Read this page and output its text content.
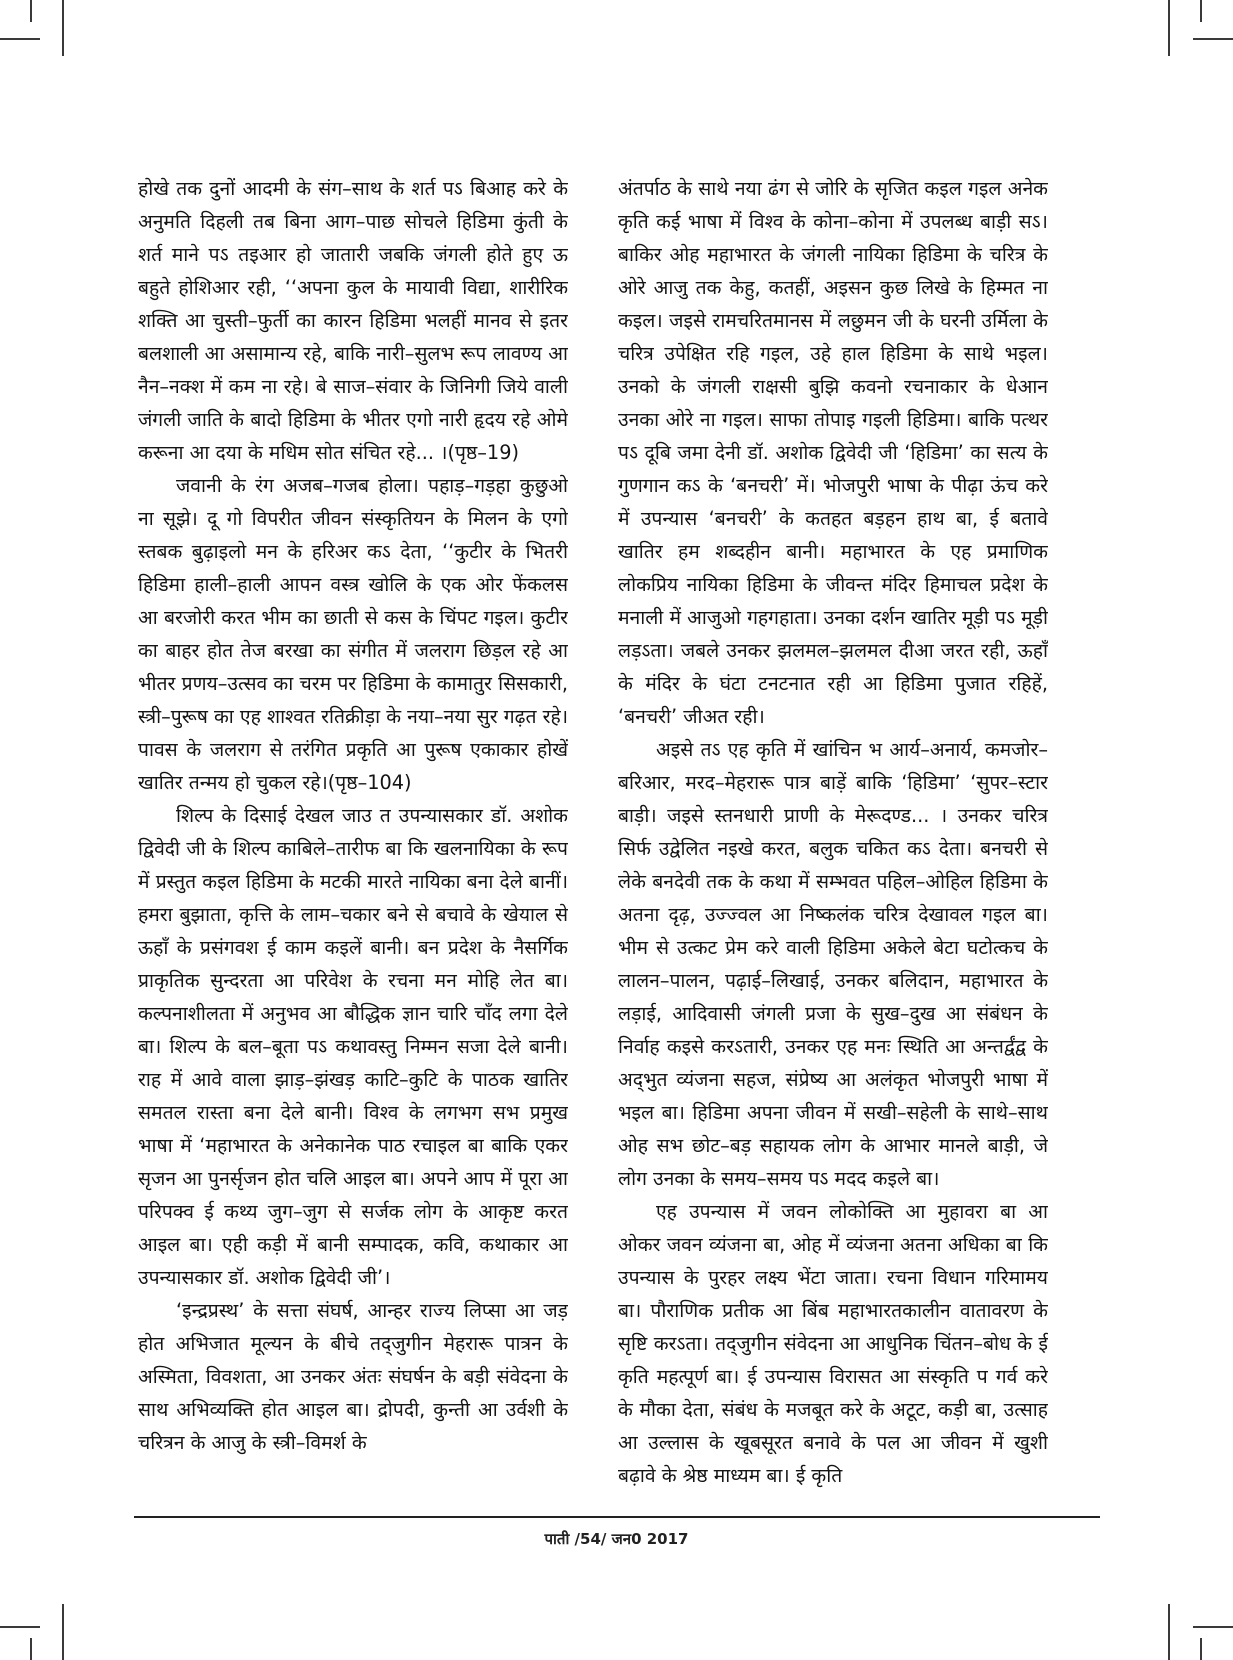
होखे तक दुनों आदमी के संग–साथ के शर्त पऽ बिआह करे के अनुमति दिहली तब बिना आग–पाछ सोचले हिडिमा कुंती के शर्त माने पऽ तइआर हो जातारी जबकि जंगली होते हुए ऊ बहुते होशिआर रही, ‘‘अपना कुल के मायावी विद्या, शारीरिक शक्ति आ चुस्ती–फुर्ती का कारन हिडिमा भलहीं मानव से इतर बलशाली आ असामान्य रहे, बाकि नारी–सुलभ रूप लावण्य आ नैन–नक्श में कम ना रहे। बे साज–संवार के जिनिगी जिये वाली जंगली जाति के बादो हिडिमा के भीतर एगो नारी हृदय रहे ओमे करूना आ दया के मधिम सोत संचित रहे... ।(पृष्ठ–19)

जवानी के रंग अजब–गजब होला। पहाड़–गड़हा कुछुओ ना सूझे। दू गो विपरीत जीवन संस्कृतियन के मिलन के एगो स्तबक बुढ़ाइलो मन के हरिअर कऽ देता, ‘‘कुटीर के भितरी हिडिमा हाली–हाली आपन वस्त्र खोलि के एक ओर फेंकलस आ बरजोरी करत भीम का छाती से कस के चिंपट गइल। कुटीर का बाहर होत तेज बरखा का संगीत में जलराग छिड़ल रहे आ भीतर प्रणय–उत्सव का चरम पर हिडिमा के कामातुर सिसकारी, स्त्री–पुरूष का एह शाश्वत रतिक्रीड़ा के नया–नया सुर गढ़त रहे। पावस के जलराग से तरंगित प्रकृति आ पुरूष एकाकार होखें खातिर तन्मय हो चुकल रहे।(पृष्ठ–104)

शिल्प के दिसाई देखल जाउ त उपन्यासकार डॉ. अशोक द्विवेदी जी के शिल्प काबिले–तारीफ बा कि खलनायिका के रूप में प्रस्तुत कइल हिडिमा के मटकी मारते नायिका बना देले बानीं। हमरा बुझाता, कृत्ति के लाम–चकार बने से बचावे के खेयाल से ऊहाँ के प्रसंगवश ई काम कइलें बानी। बन प्रदेश के नैसर्गिक प्राकृतिक सुन्दरता आ परिवेश के रचना मन मोहि लेत बा। कल्पनाशीलता में अनुभव आ बौद्धिक ज्ञान चारि चाँद लगा देले बा। शिल्प के बल–बूता पऽ कथावस्तु निम्मन सजा देले बानी। राह में आवे वाला झाड़–झंखड़ काटि–कुटि के पाठक खातिर समतल रास्ता बना देले बानी। विश्व के लगभग सभ प्रमुख भाषा में ‘महाभारत के अनेकानेक पाठ रचाइल बा बाकि एकर सृजन आ पुनर्सृजन होत चलि आइल बा। अपने आप में पूरा आ परिपक्व ई कथ्य जुग–जुग से सर्जक लोग के आकृष्ट करत आइल बा। एही कड़ी में बानी सम्पादक, कवि, कथाकार आ उपन्यासकार डॉ. अशोक द्विवेदी जी’।

‘इन्द्रप्रस्थ’ के सत्ता संघर्ष, आन्हर राज्य लिप्सा आ जड़ होत अभिजात मूल्यन के बीचे तद्‌जुगीन मेहरारू पात्रन के अस्मिता, विवशता, आ उनकर अंतः संघर्षन के बड़ी संवेदना के साथ अभिव्यक्ति होत आइल बा। द्रोपदी, कुन्ती आ उर्वशी के चरित्रन के आजु के स्त्री–विमर्श के

अंतर्पाठ के साथे नया ढंग से जोरि के सृजित कइल गइल अनेक कृति कई भाषा में विश्व के कोना–कोना में उपलब्ध बाड़ी सऽ। बाकिर ओह महाभारत के जंगली नायिका हिडिमा के चरित्र के ओरे आजु तक केहु, कतहीं, अइसन कुछ लिखे के हिम्मत ना कइल। जइसे रामचरितमानस में लछुमन जी के घरनी उर्मिला के चरित्र उपेक्षित रहि गइल, उहे हाल हिडिमा के साथे भइल। उनको के जंगली राक्षसी बुझि कवनो रचनाकार के धेआन उनका ओरे ना गइल। साफा तोपाइ गइली हिडिमा। बाकि पत्थर पऽ दूबि जमा देनी डॉ. अशोक द्विवेदी जी ‘हिडिमा’ का सत्य के गुणगान कऽ के ‘बनचरी’ में। भोजपुरी भाषा के पीढ़ा ऊंच करे में उपन्यास ‘बनचरी’ के कतहत बड़हन हाथ बा, ई बतावे खातिर हम शब्दहीन बानी। महाभारत के एह प्रमाणिक लोकप्रिय नायिका हिडिमा के जीवन्त मंदिर हिमाचल प्रदेश के मनाली में आजुओ गहगहाता। उनका दर्शन खातिर मूड़ी पऽ मूड़ी लड़ऽता। जबले उनकर झलमल–झलमल दीआ जरत रही, ऊहाँ के मंदिर के घंटा टनटनात रही आ हिडिमा पुजात रहिहें, ‘बनचरी’ जीअत रही।

अइसे तऽ एह कृति में खांचिन भ आर्य–अनार्य, कमजोर–बरिआर, मरद–मेहरारू पात्र बाड़ें बाकि ‘हिडिमा’ ‘सुपर–स्टार बाड़ी। जइसे स्तनधारी प्राणी के मेरूदण्ड... । उनकर चरित्र सिर्फ उद्वेलित नइखे करत, बलुक चकित कऽ देता। बनचरी से लेके बनदेवी तक के कथा में सम्भवत पहिल–ओहिल हिडिमा के अतना दृढ़, उज्ज्वल आ निष्कलंक चरित्र देखावल गइल बा। भीम से उत्कट प्रेम करे वाली हिडिमा अकेले बेटा घटोत्कच के लालन–पालन, पढ़ाई–लिखाई, उनकर बलिदान, महाभारत के लड़ाई, आदिवासी जंगली प्रजा के सुख–दुख आ संबंधन के निर्वाह कइसे करऽतारी, उनकर एह मनः स्थिति आ अन्तर्द्वंद्व के अद्‌भुत व्यंजना सहज, संप्रेष्य आ अलंकृत भोजपुरी भाषा में भइल बा। हिडिमा अपना जीवन में सखी–सहेली के साथे–साथ ओह सभ छोट–बड़ सहायक लोग के आभार मानले बाड़ी, जे लोग उनका के समय–समय पऽ मदद कइले बा।

एह उपन्यास में जवन लोकोक्ति आ मुहावरा बा आ ओकर जवन व्यंजना बा, ओह में व्यंजना अतना अधिका बा कि उपन्यास के पुरहर लक्ष्य भेंटा जाता। रचना विधान गरिमामय बा। पौराणिक प्रतीक आ बिंब महाभारतकालीन वातावरण के सृष्टि करऽता। तद्‌जुगीन संवेदना आ आधुनिक चिंतन–बोध के ई कृति महत्पूर्ण बा। ई उपन्यास विरासत आ संस्कृति प गर्व करे के मौका देता, संबंध के मजबूत करे के अटूट, कड़ी बा, उत्साह आ उल्लास के खूबसूरत बनावे के पल आ जीवन में खुशी बढ़ावे के श्रेष्ठ माध्यम बा। ई कृति

पाती /54/ जन0 2017
